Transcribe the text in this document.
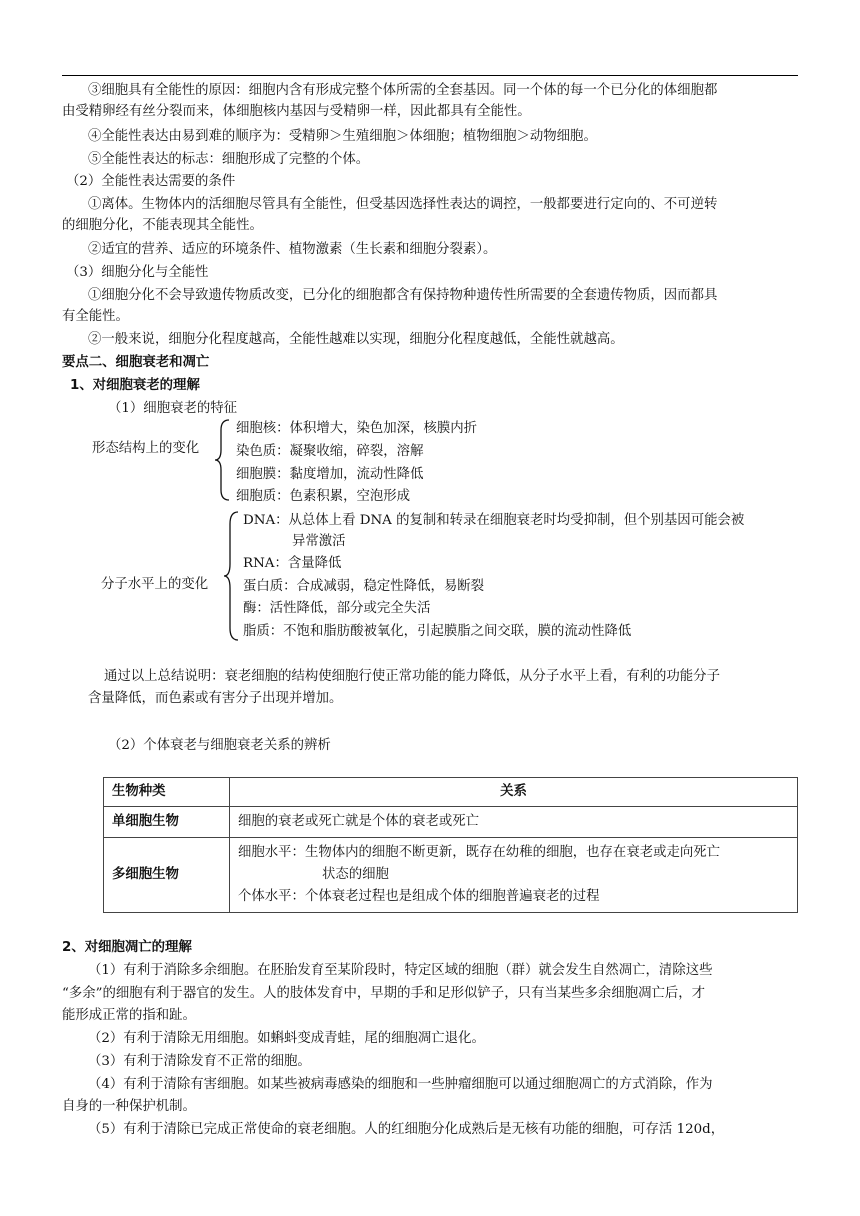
③细胞具有全能性的原因：细胞内含有形成完整个体所需的全套基因。同一个体的每一个已分化的体细胞都
由受精卵经有丝分裂而来，体细胞核内基因与受精卵一样，因此都具有全能性。
④全能性表达由易到难的顺序为：受精卵＞生殖细胞＞体细胞；植物细胞＞动物细胞。
⑤全能性表达的标志：细胞形成了完整的个体。
（2）全能性表达需要的条件
①离体。生物体内的活细胞尽管具有全能性，但受基因选择性表达的调控，一般都要进行定向的、不可逆转
的细胞分化，不能表现其全能性。
②适宜的营养、适应的环境条件、植物激素（生长素和细胞分裂素）。
（3）细胞分化与全能性
①细胞分化不会导致遗传物质改变，已分化的细胞都含有保持物种遗传性所需要的全套遗传物质，因而都具
有全能性。
②一般来说，细胞分化程度越高，全能性越难以实现，细胞分化程度越低，全能性就越高。
要点二、细胞衰老和凋亡
1、对细胞衰老的理解
（1）细胞衰老的特征
形态结构上的变化
细胞核：体积增大，染色加深，核膜内折
染色质：凝聚收缩，碎裂，溶解
细胞膜：黏度增加，流动性降低
细胞质：色素积累，空泡形成
分子水平上的变化
DNA：从总体上看 DNA 的复制和转录在细胞衰老时均受抑制，但个别基因可能会被
异常激活
RNA：含量降低
蛋白质：合成减弱，稳定性降低，易断裂
酶：活性降低，部分或完全失活
脂质：不饱和脂肪酸被氧化，引起膜脂之间交联，膜的流动性降低
通过以上总结说明：衰老细胞的结构使细胞行使正常功能的能力降低，从分子水平上看，有利的功能分子
含量降低，而色素或有害分子出现并增加。
（2）个体衰老与细胞衰老关系的辨析
生物种类	关系
单细胞生物	细胞的衰老或死亡就是个体的衰老或死亡
多细胞生物	细胞水平：生物体内的细胞不断更新，既存在幼稚的细胞，也存在衰老或走向死亡
状态的细胞
个体水平：个体衰老过程也是组成个体的细胞普遍衰老的过程
2、对细胞凋亡的理解
（1）有利于消除多余细胞。在胚胎发育至某阶段时，特定区域的细胞（群）就会发生自然凋亡，清除这些
“多余”的细胞有利于器官的发生。人的肢体发育中，早期的手和足形似铲子，只有当某些多余细胞凋亡后，才
能形成正常的指和趾。
（2）有利于清除无用细胞。如蝌蚪变成青蛙，尾的细胞凋亡退化。
（3）有利于清除发育不正常的细胞。
（4）有利于清除有害细胞。如某些被病毒感染的细胞和一些肿瘤细胞可以通过细胞凋亡的方式消除，作为
自身的一种保护机制。
（5）有利于清除已完成正常使命的衰老细胞。人的红细胞分化成熟后是无核有功能的细胞，可存活 120d，
